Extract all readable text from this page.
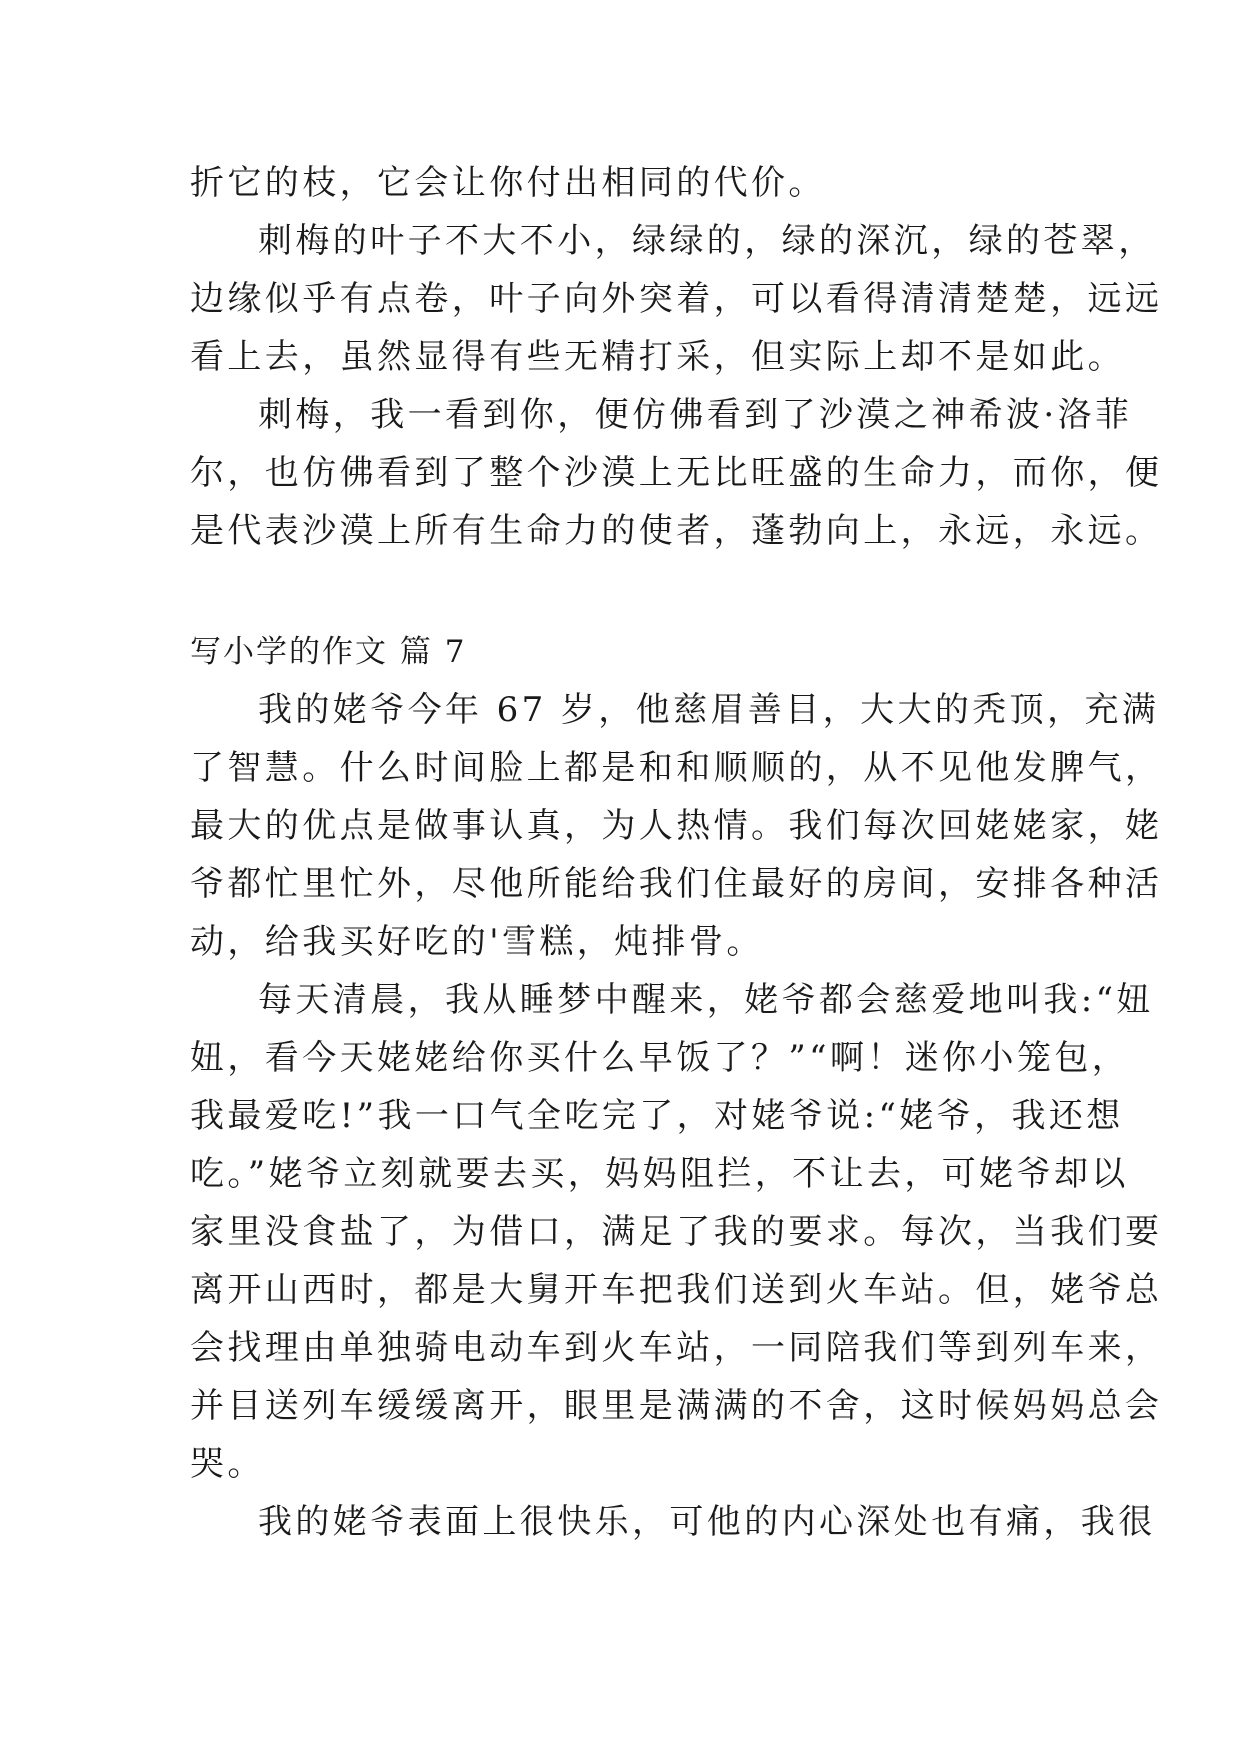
折它的枝，它会让你付出相同的代价。
刺梅的叶子不大不小，绿绿的，绿的深沉，绿的苍翠，
边缘似乎有点卷，叶子向外突着，可以看得清清楚楚，远远
看上去，虽然显得有些无精打采，但实际上却不是如此。
刺梅，我一看到你，便仿佛看到了沙漠之神希波·洛菲
尔，也仿佛看到了整个沙漠上无比旺盛的生命力，而你，便
是代表沙漠上所有生命力的使者，蓬勃向上，永远，永远。
写小学的作文 篇 7
我的姥爷今年 67 岁，他慈眉善目，大大的秃顶，充满
了智慧。什么时间脸上都是和和顺顺的，从不见他发脾气，
最大的优点是做事认真，为人热情。我们每次回姥姥家，姥
爷都忙里忙外，尽他所能给我们住最好的房间，安排各种活
动，给我买好吃的'雪糕，炖排骨。
每天清晨，我从睡梦中醒来，姥爷都会慈爱地叫我:“妞
妞，看今天姥姥给你买什么早饭了？”“啊！迷你小笼包，
我最爱吃!”我一口气全吃完了，对姥爷说:“姥爷，我还想
吃。”姥爷立刻就要去买，妈妈阻拦，不让去，可姥爷却以
家里没食盐了，为借口，满足了我的要求。每次，当我们要
离开山西时，都是大舅开车把我们送到火车站。但，姥爷总
会找理由单独骑电动车到火车站，一同陪我们等到列车来，
并目送列车缓缓离开，眼里是满满的不舍，这时候妈妈总会
哭。
我的姥爷表面上很快乐，可他的内心深处也有痛，我很
